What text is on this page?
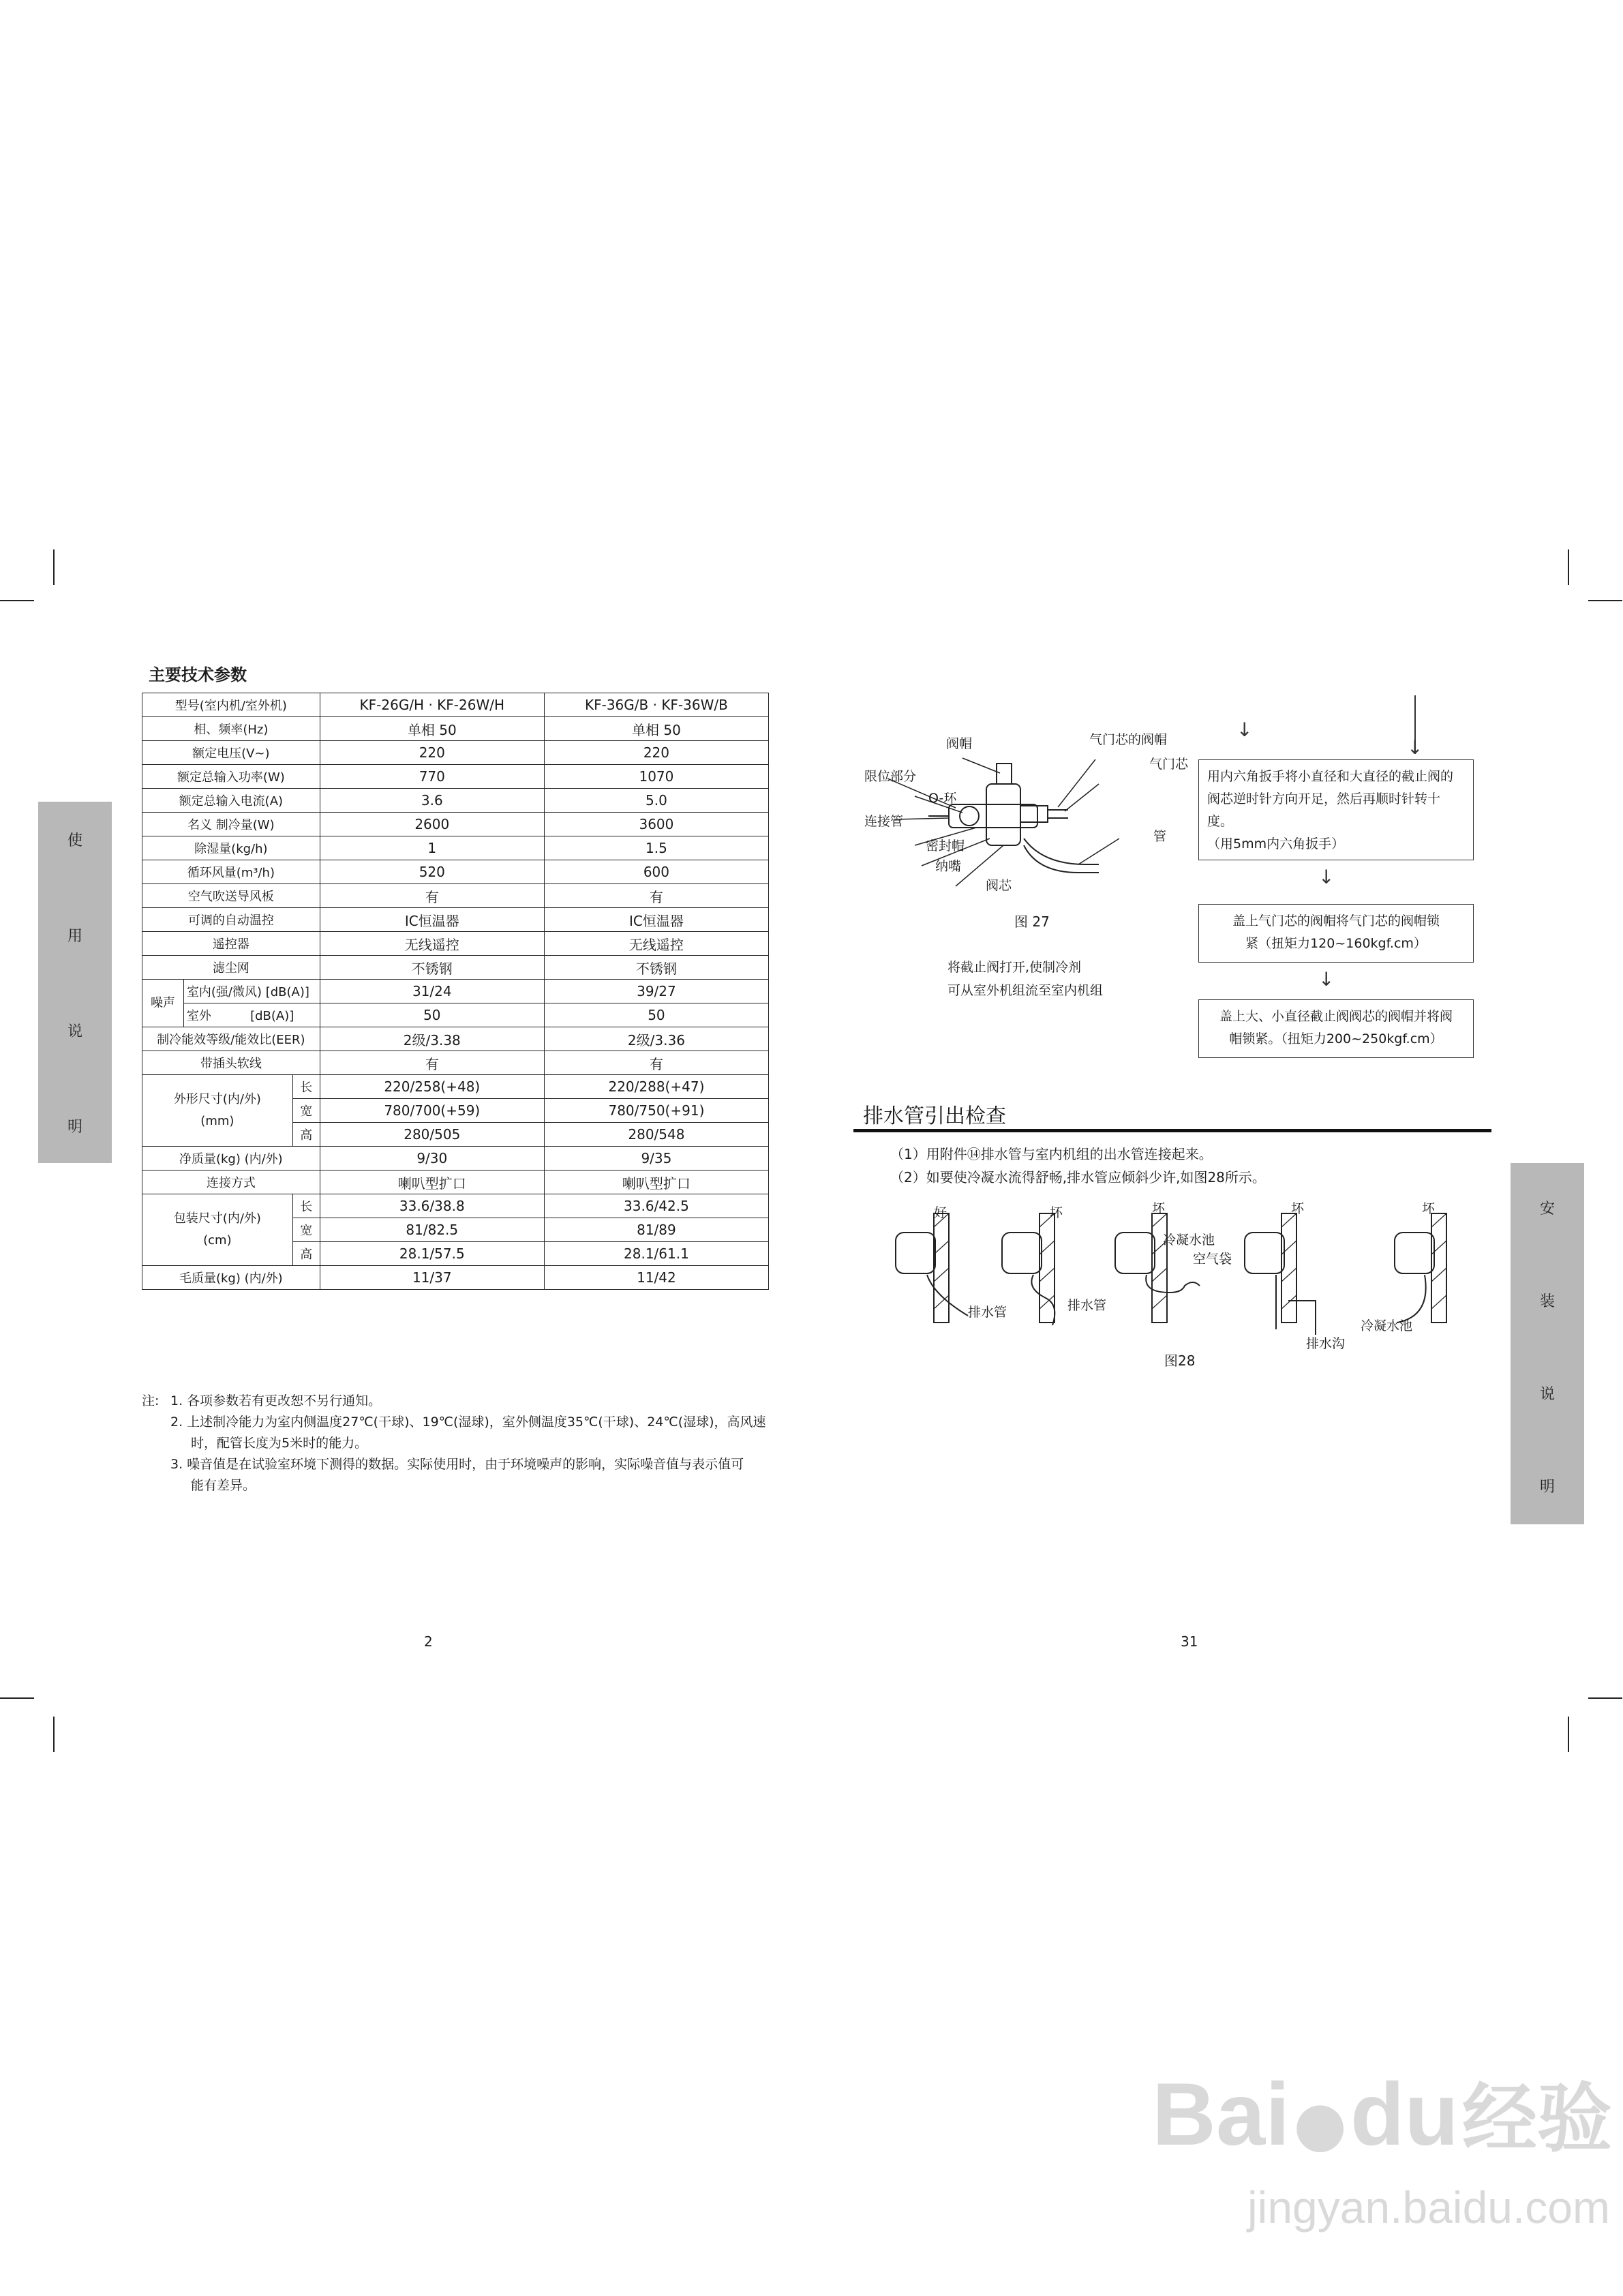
主要技术参数
使
用
说
明
型号(室内机/室外机)			KF-26G/H · KF-26W/H	KF-36G/B · KF-36W/B
相、频率(Hz)			单相 50	单相 50
额定电压(V~)			220	220
额定总输入功率(W)			770	1070
额定总输入电流(A)			3.6	5.0
名义 制冷量(W)			2600	3600
除湿量(kg/h)			1	1.5
循环风量(m³/h)			520	600
空气吹送导风板			有	有
可调的自动温控			IC恒温器	IC恒温器
遥控器			无线遥控	无线遥控
滤尘网			不锈钢	不锈钢
噪声	室内(强/微风) [dB(A)]		31/24	39/27
	室外          [dB(A)]		50	50
制冷能效等级/能效比(EER)			2级/3.38	2级/3.36
带插头软线			有	有

外形尺寸(内/外)
(mm)		长	220/258(+48)	220/288(+47)
		宽	780/700(+59)	780/750(+91)
		高	280/505	280/548
净质量(kg) (内/外)			9/30	9/35
连接方式			喇叭型扩口	喇叭型扩口

包装尺寸(内/外)
(cm)		长	33.6/38.8	33.6/42.5
		宽	81/82.5	81/89
		高	28.1/57.5	28.1/61.1
毛质量(kg) (内/外)			11/37	11/42
注: 1. 各项参数若有更改恕不另行通知。
2. 上述制冷能力为室内侧温度27℃(干球)、19℃(湿球)，室外侧温度35℃(干球)、24℃(湿球)，高风速
时，配管长度为5米时的能力。
3. 噪音值是在试验室环境下测得的数据。实际使用时，由于环境噪声的影响，实际噪音值与表示值可
能有差异。
2
阀帽	气门芯的阀帽
气门芯
限位部分
O-环
连接管
密封帽
纳嘴
阀芯
管
图 27
将截止阀打开,使制冷剂
可从室外机组流至室内机组
↓
↓
用内六角扳手将小直径和大直径的截止阀的
阀芯逆时针方向开足，然后再顺时针转十度。
（用5mm内六角扳手）
↓
盖上气门芯的阀帽将气门芯的阀帽锁
紧（扭矩力120~160kgf.cm）
↓
盖上大、小直径截止阀阀芯的阀帽并将阀
帽锁紧。（扭矩力200~250kgf.cm）
排水管引出检查
（1）用附件⑭排水管与室内机组的出水管连接起来。
（2）如要使冷凝水流得舒畅,排水管应倾斜少许,如图28所示。
好	坏	坏	坏	坏
排水管	排水管
冷凝水池
空气袋
排水沟
冷凝水池
图28
安
装
说
明
31
Bai ● du 经验
jingyan.baidu.com
